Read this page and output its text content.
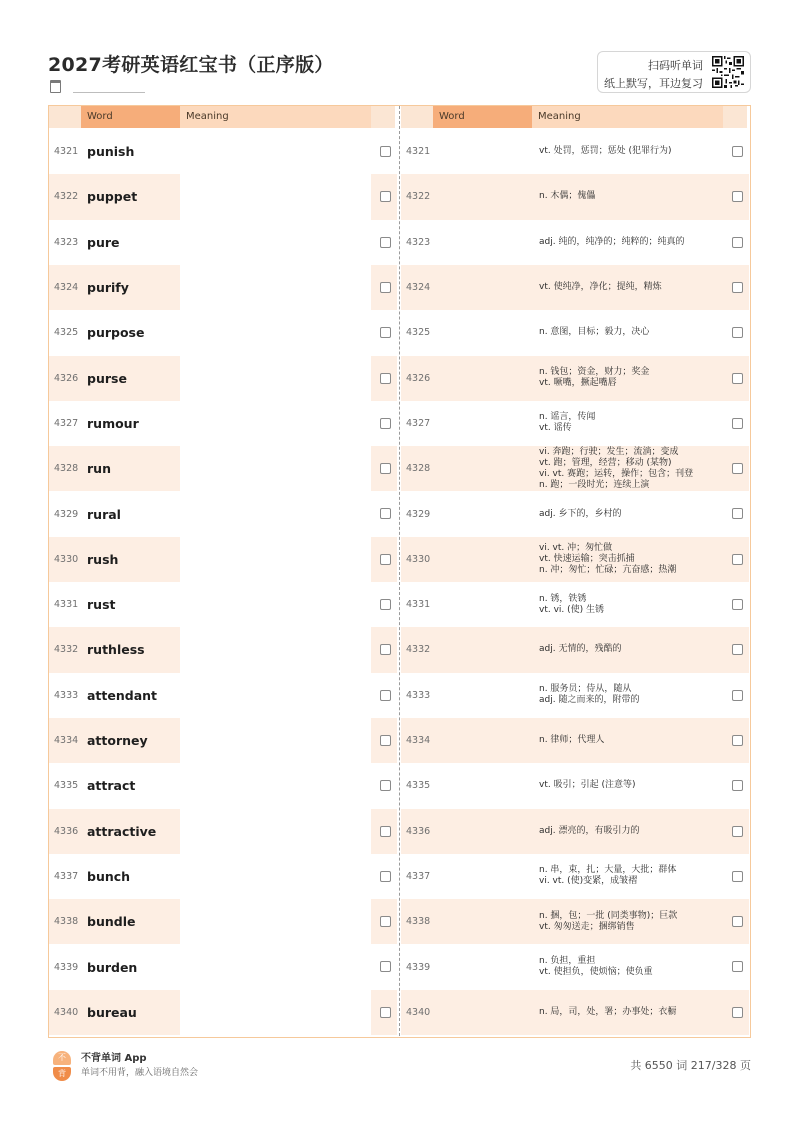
2027考研英语红宝书（正序版）	扫码听单词
纸上默写，耳边复习
Word	Meaning
4321 punish
4322 puppet
4323 pure
4324 purify
4325 purpose
4326 purse
4327 rumour
4328 run
4329 rural
4330 rush
4331 rust
4332 ruthless
4333 attendant
4334 attorney
4335 attract
4336 attractive
4337 bunch
4338 bundle
4339 burden
4340 bureau
Word	Meaning
4321	vt. 处罚，惩罚；惩处 (犯罪行为)
4322	n. 木偶；傀儡
4323	adj. 纯的，纯净的；纯粹的；纯真的
4324	vt. 使纯净，净化；提纯，精炼
4325	n. 意图，目标；毅力，决心
4326
n. 钱包；资金，财力；奖金
vt. 噘嘴，撅起嘴唇
4327
n. 谣言，传闻
vt. 谣传
4328
vi. 奔跑；行驶；发生；流淌；变成
vt. 跑；管理，经营；移动 (某物)
vi. vt. 赛跑；运转，操作；包含；刊登
n. 跑；一段时光；连续上演
4329	adj. 乡下的，乡村的
4330
vi. vt. 冲；匆忙做
vt. 快速运输；突击抓捕
n. 冲；匆忙；忙碌；亢奋感；热潮
4331
n. 锈，铁锈
vt. vi. (使) 生锈
4332	adj. 无情的，残酷的
4333
n. 服务员；侍从，随从
adj. 随之而来的，附带的
4334	n. 律师；代理人
4335	vt. 吸引；引起 (注意等)
4336	adj. 漂亮的，有吸引力的
4337
n. 串，束，扎；大量，大批；群体
vi. vt. (使)变紧，成皱褶
4338
n. 捆，包；一批 (同类事物)；巨款
vt. 匆匆送走；捆绑销售
4339
n. 负担，重担
vt. 使担负，使烦恼；使负重
4340	n. 局，司，处，署；办事处；衣橱
不
背
不背单词 App
单词不用背，融入语境自然会
共 6550 词 217/328 页
